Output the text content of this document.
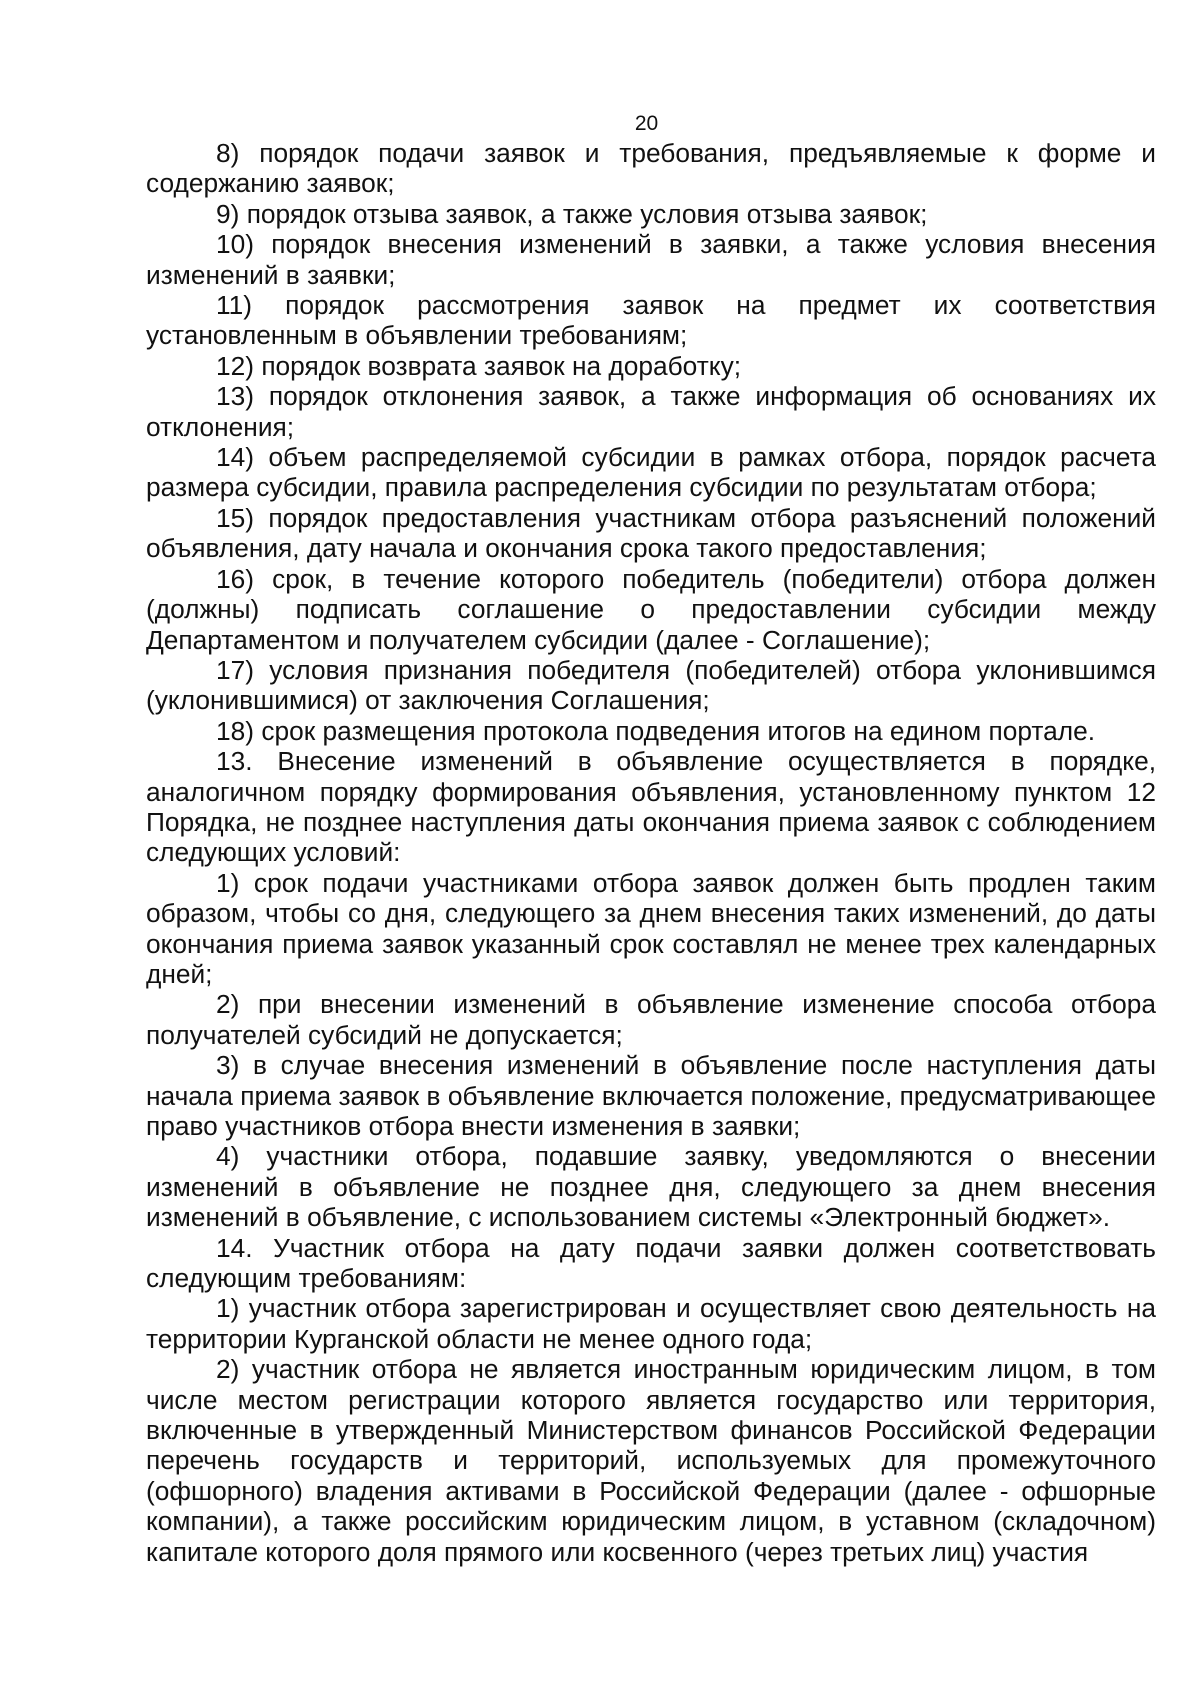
20

8) порядок подачи заявок и требования, предъявляемые к форме и содержанию заявок;

9) порядок отзыва заявок, а также условия отзыва заявок;

10) порядок внесения изменений в заявки, а также условия внесения изменений в заявки;

11) порядок рассмотрения заявок на предмет их соответствия установленным в объявлении требованиям;

12) порядок возврата заявок на доработку;

13) порядок отклонения заявок, а также информация об основаниях их отклонения;

14) объем распределяемой субсидии в рамках отбора, порядок расчета размера субсидии, правила распределения субсидии по результатам отбора;

15) порядок предоставления участникам отбора разъяснений положений объявления, дату начала и окончания срока такого предоставления;

16) срок, в течение которого победитель (победители) отбора должен (должны) подписать соглашение о предоставлении субсидии между Департаментом и получателем субсидии (далее - Соглашение);

17) условия признания победителя (победителей) отбора уклонившимся (уклонившимися) от заключения Соглашения;

18) срок размещения протокола подведения итогов на едином портале.

13. Внесение изменений в объявление осуществляется в порядке, аналогичном порядку формирования объявления, установленному пунктом 12 Порядка, не позднее наступления даты окончания приема заявок с соблюдением следующих условий:

1) срок подачи участниками отбора заявок должен быть продлен таким образом, чтобы со дня, следующего за днем внесения таких изменений, до даты окончания приема заявок указанный срок составлял не менее трех календарных дней;

2) при внесении изменений в объявление изменение способа отбора получателей субсидий не допускается;

3) в случае внесения изменений в объявление после наступления даты начала приема заявок в объявление включается положение, предусматривающее право участников отбора внести изменения в заявки;

4) участники отбора, подавшие заявку, уведомляются о внесении изменений в объявление не позднее дня, следующего за днем внесения изменений в объявление, с использованием системы «Электронный бюджет».

14. Участник отбора на дату подачи заявки должен соответствовать следующим требованиям:

1) участник отбора зарегистрирован и осуществляет свою деятельность на территории Курганской области не менее одного года;

2) участник отбора не является иностранным юридическим лицом, в том числе местом регистрации которого является государство или территория, включенные в утвержденный Министерством финансов Российской Федерации перечень государств и территорий, используемых для промежуточного (офшорного) владения активами в Российской Федерации (далее - офшорные компании), а также российским юридическим лицом, в уставном (складочном) капитале которого доля прямого или косвенного (через третьих лиц) участия
